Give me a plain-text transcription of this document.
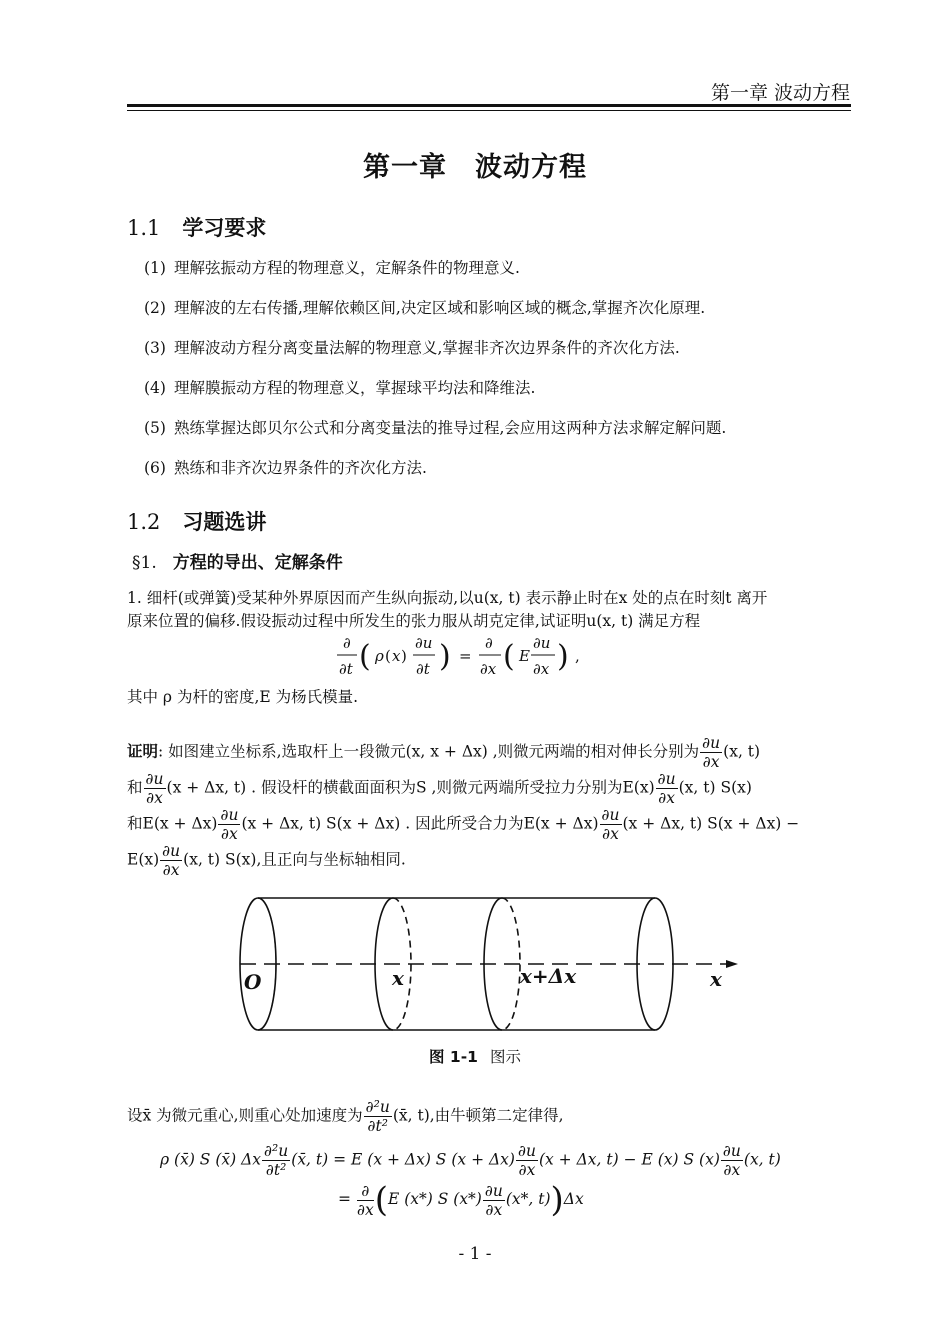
第一章 波动方程
第一章　波动方程
1.1 学习要求
(1) 理解弦振动方程的物理意义，定解条件的物理意义.
(2) 理解波的左右传播,理解依赖区间,决定区域和影响区域的概念,掌握齐次化原理.
(3) 理解波动方程分离变量法解的物理意义,掌握非齐次边界条件的齐次化方法.
(4) 理解膜振动方程的物理意义，掌握球平均法和降维法.
(5) 熟练掌握达郎贝尔公式和分离变量法的推导过程,会应用这两种方法求解定解问题.
(6) 熟练和非齐次边界条件的齐次化方法.
1.2 习题选讲
§1. 方程的导出、定解条件
1. 细杆(或弹簧)受某种外界原因而产生纵向振动,以u(x, t) 表示静止时在x 处的点在时刻t 离开
原来位置的偏移.假设振动过程中所发生的张力服从胡克定律,试证明u(x, t) 满足方程
∂
∂t ( ρ ( x )
∂u
∂t ) =
∂
∂x ( E
∂u
∂x ) ,
其中 ρ 为杆的密度,E 为杨氏模量.
证明: 如图建立坐标系,选取杆上一段微元(x, x + Δx) ,则微元两端的相对伸长分别为 $\frac{\partial u}{\partial x} (x$, t)
和 $\frac{\partial u}{\partial x} (x + \Delta x$, t) . 假设杆的横截面面积为S ,则微元两端所受拉力分别为$E(x) \frac{\partial u}{\partial x} (x$, t) S(x)
和$E(x + \Delta x) \frac{\partial u}{\partial x} (x + \Delta x$, t) S(x + Δx) . 因此所受合力为$E(x + \Delta x) \frac{\partial u}{\partial x} (x + \Delta x$, t) S(x + Δx) −
$E(x) \frac{\partial u}{\partial x} (x$, t) S(x),且正向与坐标轴相同.
O	x	x+Δx	x
图 1-1 图示
设x̄ 为微元重心,则重心处加速度为 $\frac{\text{∂²u}}{\text{∂t²}}$ (x̄, t),由牛顿第二定律得,
ρ (x̄) S (x̄) Δx $\frac{\text{∂²u}}{\text{∂t²}}$ (x̄, t) = E (x + Δx) S $(x + \Delta x) \frac{\partial u}{\partial x} (x + \Delta x$, t) − E (x) S $(x) \frac{\partial u}{\partial x} (x$, t)
= $\frac{\partial}{\partial x} (E$ (x*) S $(x*) \frac{\partial u}{\partial x} (x*$, t))Δx
- 1 -
